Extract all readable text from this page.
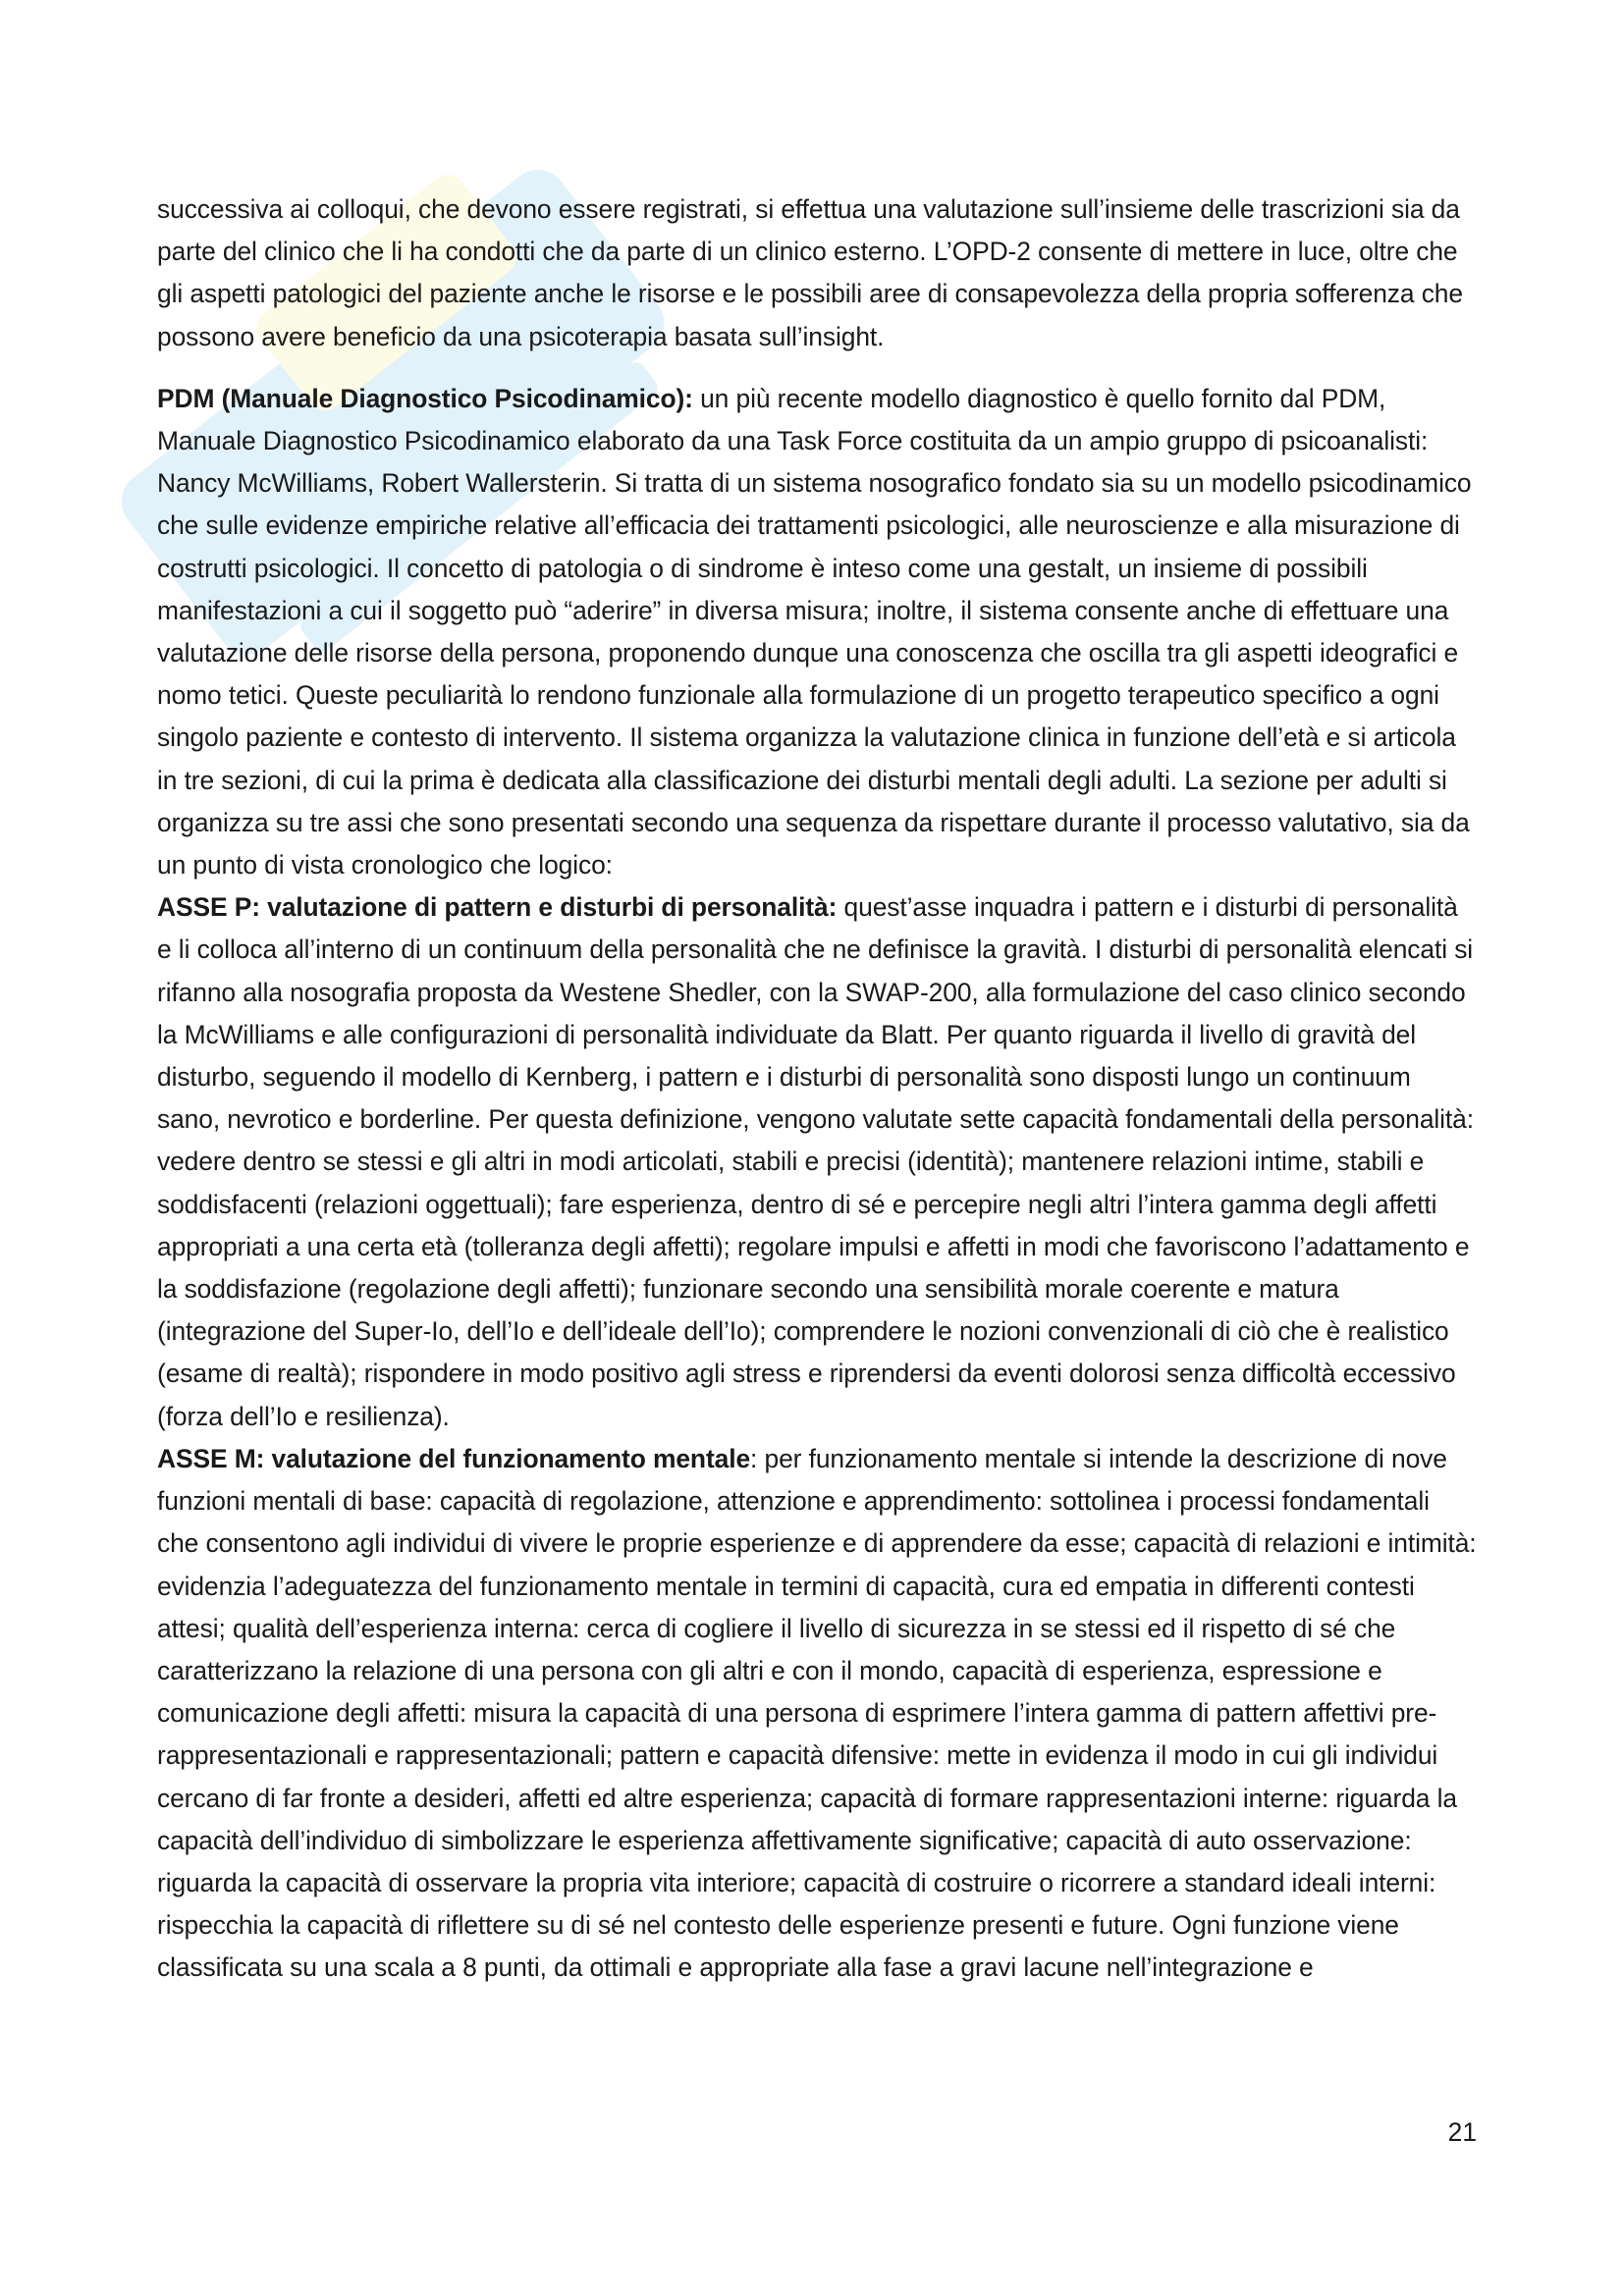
successiva ai colloqui, che devono essere registrati, si effettua una valutazione sull’insieme delle trascrizioni sia da parte del clinico che li ha condotti che da parte di un clinico esterno. L’OPD-2 consente di mettere in luce, oltre che gli aspetti patologici del paziente anche le risorse e le possibili aree di consapevolezza della propria sofferenza che possono avere beneficio da una psicoterapia basata sull’insight.

PDM (Manuale Diagnostico Psicodinamico): un più recente modello diagnostico è quello fornito dal PDM, Manuale Diagnostico Psicodinamico elaborato da una Task Force costituita da un ampio gruppo di psicoanalisti: Nancy McWilliams, Robert Wallersterin. Si tratta di un sistema nosografico fondato sia su un modello psicodinamico che sulle evidenze empiriche relative all’efficacia dei trattamenti psicologici, alle neuroscienze e alla misurazione di costrutti psicologici. Il concetto di patologia o di sindrome è inteso come una gestalt, un insieme di possibili manifestazioni a cui il soggetto può “aderire” in diversa misura; inoltre, il sistema consente anche di effettuare una valutazione delle risorse della persona, proponendo dunque una conoscenza che oscilla tra gli aspetti ideografici e nomo tetici. Queste peculiarità lo rendono funzionale alla formulazione di un progetto terapeutico specifico a ogni singolo paziente e contesto di intervento. Il sistema organizza la valutazione clinica in funzione dell’età e si articola in tre sezioni, di cui la prima è dedicata alla classificazione dei disturbi mentali degli adulti. La sezione per adulti si organizza su tre assi che sono presentati secondo una sequenza da rispettare durante il processo valutativo, sia da un punto di vista cronologico che logico:

ASSE P: valutazione di pattern e disturbi di personalità: quest’asse inquadra i pattern e i disturbi di personalità e li colloca all’interno di un continuum della personalità che ne definisce la gravità. I disturbi di personalità elencati si rifanno alla nosografia proposta da Westene Shedler, con la SWAP-200, alla formulazione del caso clinico secondo la McWilliams e alle configurazioni di personalità individuate da Blatt. Per quanto riguarda il livello di gravità del disturbo, seguendo il modello di Kernberg, i pattern e i disturbi di personalità sono disposti lungo un continuum sano, nevrotico e borderline. Per questa definizione, vengono valutate sette capacità fondamentali della personalità: vedere dentro se stessi e gli altri in modi articolati, stabili e precisi (identità); mantenere relazioni intime, stabili e soddisfacenti (relazioni oggettuali); fare esperienza, dentro di sé e percepire negli altri l’intera gamma degli affetti appropriati a una certa età (tolleranza degli affetti); regolare impulsi e affetti in modi che favoriscono l’adattamento e la soddisfazione (regolazione degli affetti); funzionare secondo una sensibilità morale coerente e matura (integrazione del Super-Io, dell’Io e dell’ideale dell’Io); comprendere le nozioni convenzionali di ciò che è realistico (esame di realtà); rispondere in modo positivo agli stress e riprendersi da eventi dolorosi senza difficoltà eccessivo (forza dell’Io e resilienza).

ASSE M: valutazione del funzionamento mentale: per funzionamento mentale si intende la descrizione di nove funzioni mentali di base: capacità di regolazione, attenzione e apprendimento: sottolinea i processi fondamentali che consentono agli individui di vivere le proprie esperienze e di apprendere da esse; capacità di relazioni e intimità: evidenzia l’adeguatezza del funzionamento mentale in termini di capacità, cura ed empatia in differenti contesti attesi; qualità dell’esperienza interna: cerca di cogliere il livello di sicurezza in se stessi ed il rispetto di sé che caratterizzano la relazione di una persona con gli altri e con il mondo, capacità di esperienza, espressione e comunicazione degli affetti: misura la capacità di una persona di esprimere l’intera gamma di pattern affettivi pre-rappresentazionali e rappresentazionali; pattern e capacità difensive: mette in evidenza il modo in cui gli individui cercano di far fronte a desideri, affetti ed altre esperienza; capacità di formare rappresentazioni interne: riguarda la capacità dell’individuo di simbolizzare le esperienza affettivamente significative; capacità di auto osservazione: riguarda la capacità di osservare la propria vita interiore; capacità di costruire o ricorrere a standard ideali interni: rispecchia la capacità di riflettere su di sé nel contesto delle esperienze presenti e future. Ogni funzione viene classificata su una scala a 8 punti, da ottimali e appropriate alla fase a gravi lacune nell’integrazione e

21
